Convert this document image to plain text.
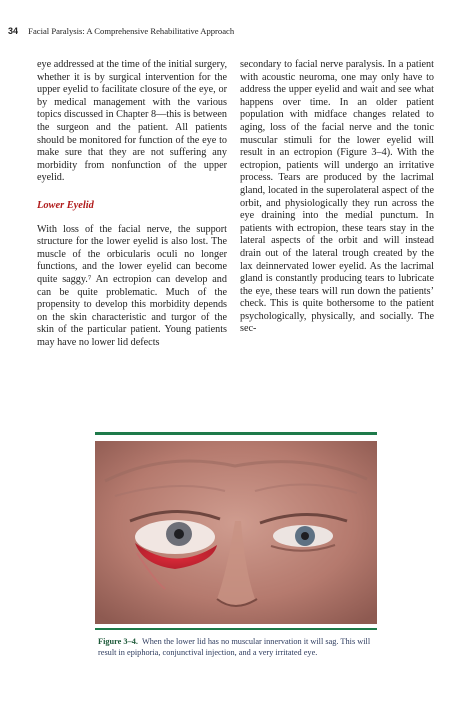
34 Facial Paralysis: A Comprehensive Rehabilitative Approach

eye addressed at the time of the initial surgery, whether it is by surgical intervention for the upper eyelid to facilitate closure of the eye, or by medical management with the various topics discussed in Chapter 8—this is between the surgeon and the patient. All patients should be monitored for function of the eye to make sure that they are not suffering any morbidity from nonfunction of the upper eyelid.

Lower Eyelid

With loss of the facial nerve, the support structure for the lower eyelid is also lost. The muscle of the orbicularis oculi no longer functions, and the lower eyelid can become quite saggy.⁷ An ectropion can develop and can be quite problematic. Much of the propensity to develop this morbidity depends on the skin characteristic and turgor of the skin of the particular patient. Young patients may have no lower lid defects

secondary to facial nerve paralysis. In a patient with acoustic neuroma, one may only have to address the upper eyelid and wait and see what happens over time. In an older patient population with midface changes related to aging, loss of the facial nerve and the tonic muscular stimuli for the lower eyelid will result in an ectropion (Figure 3–4). With the ectropion, patients will undergo an irritative process. Tears are produced by the lacrimal gland, located in the superolateral aspect of the orbit, and physiologically they run across the eye draining into the medial punctum. In patients with ectropion, these tears stay in the lateral aspects of the orbit and will instead drain out of the lateral trough created by the lax deinnervated lower eyelid. As the lacrimal gland is constantly producing tears to lubricate the eye, these tears will run down the patients’ check. This is quite bothersome to the patient psychologically, physically, and socially. The sec-

Figure 3–4. When the lower lid has no muscular innervation it will sag. This will result in epiphoria, conjunctival injection, and a very irritated eye.
